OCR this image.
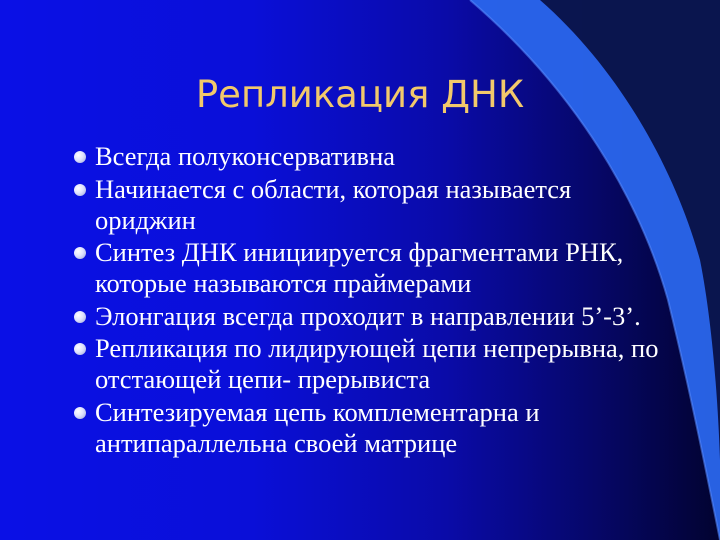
Репликация ДНК
Всегда полуконсервативна
Начинается с области, которая называется ориджин
Синтез ДНК инициируется фрагментами РНК, которые называются праймерами
Элонгация всегда проходит в направлении 5’-3’.
Репликация по лидирующей цепи непрерывна, по отстающей цепи- прерывиста
Синтезируемая цепь комплементарна и антипараллельна своей матрице
